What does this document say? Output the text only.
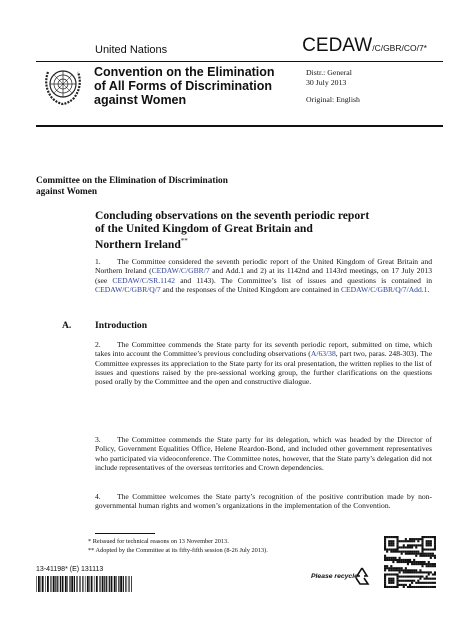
United Nations	CEDAW/C/GBR/CO/7*
Convention on the Elimination
of All Forms of Discrimination
against Women
Distr.: General
30 July 2013
Original: English
Committee on the Elimination of Discrimination
against Women
Concluding observations on the seventh periodic report
of the United Kingdom of Great Britain and
Northern Ireland**
1. The Committee considered the seventh periodic report of the United Kingdom of Great Britain and Northern Ireland (CEDAW/C/GBR/7 and Add.1 and 2) at its 1142nd and 1143rd meetings, on 17 July 2013 (see CEDAW/C/SR.1142 and 1143). The Committee’s list of issues and questions is contained in CEDAW/C/GBR/Q/7 and the responses of the United Kingdom are contained in CEDAW/C/GBR/Q/7/Add.1.
A. Introduction
2. The Committee commends the State party for its seventh periodic report, submitted on time, which takes into account the Committee’s previous concluding observations (A/63/38, part two, paras. 248-303). The Committee expresses its appreciation to the State party for its oral presentation, the written replies to the list of issues and questions raised by the pre-sessional working group, the further clarifications on the questions posed orally by the Committee and the open and constructive dialogue.
3. The Committee commends the State party for its delegation, which was headed by the Director of Policy, Government Equalities Office, Helene Reardon-Bond, and included other government representatives who participated via videoconference. The Committee notes, however, that the State party’s delegation did not include representatives of the overseas territories and Crown dependencies.
4. The Committee welcomes the State party’s recognition of the positive contribution made by non-governmental human rights and women’s organizations in the implementation of the Convention.
* Reissued for technical reasons on 13 November 2013.
** Adopted by the Committee at its fifty-fifth session (8-26 July 2013).
13-41198* (E) 131113
Please recycle
